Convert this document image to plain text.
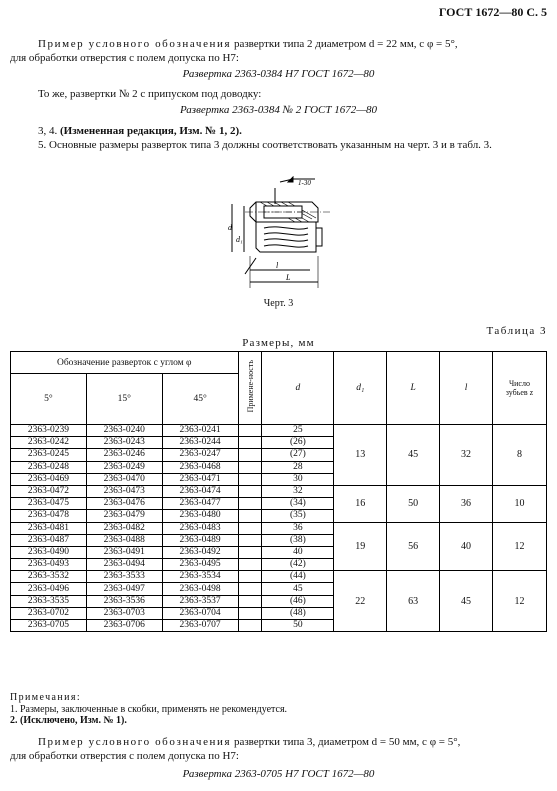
ГОСТ 1672—80 С. 5
Пример условного обозначения развертки типа 2 диаметром d = 22 мм, с φ = 5°,
для обработки отверстия с полем допуска по H7:
Развертка 2363-0384 H7 ГОСТ 1672—80
То же, развертки № 2 с припуском под доводку:
Развертка 2363-0384 № 2 ГОСТ 1672—80
3, 4. (Измененная редакция, Изм. № 1, 2).
5. Основные размеры разверток типа 3 должны соответствовать указанным на черт. 3 и в табл. 3.
1-30
d
d₁
l
L
Черт. 3
Таблица 3
Размеры, мм
Обозначение разверток с углом φ			Примене-ность	d	d₁	L	l	Число зубьев z
5°	15°	45°						
2363-0239	2363-0240	2363-0241		25	13	45	32	8
2363-0242	2363-0243	2363-0244		(26)				
2363-0245	2363-0246	2363-0247		(27)				
2363-0248	2363-0249	2363-0468		28				
2363-0469	2363-0470	2363-0471		30				
2363-0472	2363-0473	2363-0474		32	16	50	36	10
2363-0475	2363-0476	2363-0477		(34)				
2363-0478	2363-0479	2363-0480		(35)				
2363-0481	2363-0482	2363-0483		36	19	56	40	12
2363-0487	2363-0488	2363-0489		(38)				
2363-0490	2363-0491	2363-0492		40				
2363-0493	2363-0494	2363-0495		(42)				
2363-3532	2363-3533	2363-3534		(44)	22	63	45	12
2363-0496	2363-0497	2363-0498		45				
2363-3535	2363-3536	2363-3537		(46)				
2363-0702	2363-0703	2363-0704		(48)				
2363-0705	2363-0706	2363-0707		50				
Примечания:
1. Размеры, заключенные в скобки, применять не рекомендуется.
2. (Исключено, Изм. № 1).
Пример условного обозначения развертки типа 3, диаметром d = 50 мм, с φ = 5°,
для обработки отверстия с полем допуска по H7:
Развертка 2363-0705 H7 ГОСТ 1672—80
